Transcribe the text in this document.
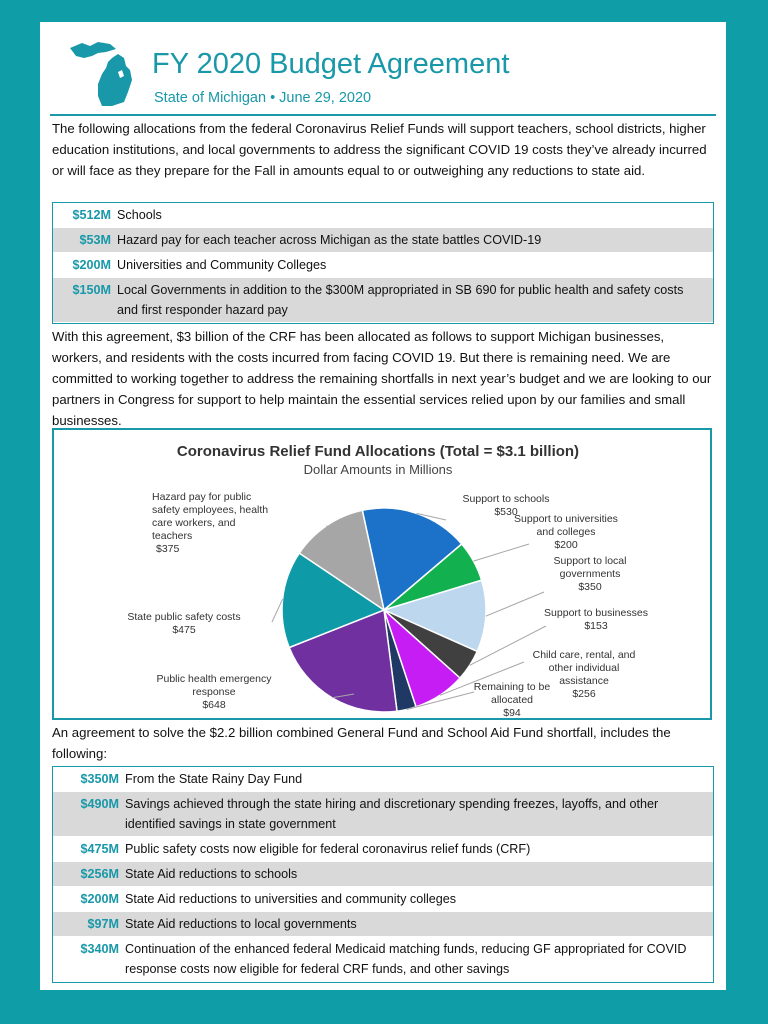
FY 2020 Budget Agreement
State of Michigan • June 29, 2020
The following allocations from the federal Coronavirus Relief Funds will support teachers, school districts, higher education institutions, and local governments to address the significant COVID 19 costs they’ve already incurred or will face as they prepare for the Fall in amounts equal to or outweighing any reductions to state aid.
$512M Schools
$53M Hazard pay for each teacher across Michigan as the state battles COVID-19
$200M Universities and Community Colleges
$150M Local Governments in addition to the $300M appropriated in SB 690 for public health and safety costs and first responder hazard pay
With this agreement, $3 billion of the CRF has been allocated as follows to support Michigan businesses, workers, and residents with the costs incurred from facing COVID 19. But there is remaining need. We are committed to working together to address the remaining shortfalls in next year’s budget and we are looking to our partners in Congress for support to help maintain the essential services relied upon by our families and small businesses.
Coronavirus Relief Fund Allocations (Total = $3.1 billion)
Dollar Amounts in Millions
Support to schools $530
Support to universities and colleges $200
Support to local governments $350
Support to businesses $153
Child care, rental, and other individual assistance $256
Remaining to be allocated $94
Public health emergency response $648
State public safety costs $475
Hazard pay for public safety employees, health care workers, and teachers $375
An agreement to solve the $2.2 billion combined General Fund and School Aid Fund shortfall, includes the following:
$350M From the State Rainy Day Fund
$490M Savings achieved through the state hiring and discretionary spending freezes, layoffs, and other identified savings in state government
$475M Public safety costs now eligible for federal coronavirus relief funds (CRF)
$256M State Aid reductions to schools
$200M State Aid reductions to universities and community colleges
$97M State Aid reductions to local governments
$340M Continuation of the enhanced federal Medicaid matching funds, reducing GF appropriated for COVID response costs now eligible for federal CRF funds, and other savings
